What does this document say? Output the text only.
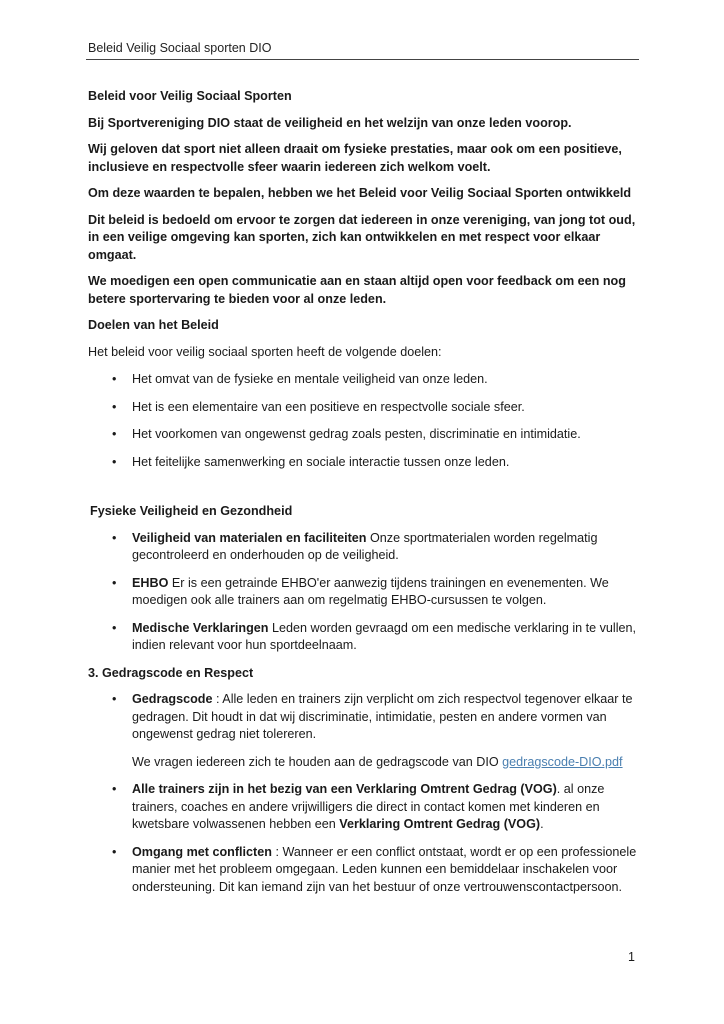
Beleid Veilig Sociaal sporten DIO

Beleid voor Veilig Sociaal Sporten

Bij Sportvereniging DIO staat de veiligheid en het welzijn van onze leden voorop.

Wij geloven dat sport niet alleen draait om fysieke prestaties, maar ook om een positieve, inclusieve en respectvolle sfeer waarin iedereen zich welkom voelt.

Om deze waarden te bepalen, hebben we het Beleid voor Veilig Sociaal Sporten ontwikkeld

Dit beleid is bedoeld om ervoor te zorgen dat iedereen in onze vereniging, van jong tot oud, in een veilige omgeving kan sporten, zich kan ontwikkelen en met respect voor elkaar omgaat.

We moedigen een open communicatie aan en staan altijd open voor feedback om een nog betere sportervaring te bieden voor al onze leden.

Doelen van het Beleid

Het beleid voor veilig sociaal sporten heeft de volgende doelen:

• Het omvat van de fysieke en mentale veiligheid van onze leden.
• Het is een elementaire van een positieve en respectvolle sociale sfeer.
• Het voorkomen van ongewenst gedrag zoals pesten, discriminatie en intimidatie.
• Het feitelijke samenwerking en sociale interactie tussen onze leden.

Fysieke Veiligheid en Gezondheid

• Veiligheid van materialen en faciliteiten Onze sportmaterialen worden regelmatig gecontroleerd en onderhouden op de veiligheid.
• EHBO Er is een getrainde EHBO'er aanwezig tijdens trainingen en evenementen. We moedigen ook alle trainers aan om regelmatig EHBO-cursussen te volgen.
• Medische Verklaringen Leden worden gevraagd om een medische verklaring in te vullen, indien relevant voor hun sportdeelnaam.

3. Gedragscode en Respect

• Gedragscode : Alle leden en trainers zijn verplicht om zich respectvol tegenover elkaar te gedragen. Dit houdt in dat wij discriminatie, intimidatie, pesten en andere vormen van ongewenst gedrag niet tolereren.
We vragen iedereen zich te houden aan de gedragscode van DIO gedragscode-DIO.pdf
• Alle trainers zijn in het bezig van een Verklaring Omtrent Gedrag (VOG). al onze trainers, coaches en andere vrijwilligers die direct in contact komen met kinderen en kwetsbare volwassenen hebben een Verklaring Omtrent Gedrag (VOG).
• Omgang met conflicten : Wanneer er een conflict ontstaat, wordt er op een professionele manier met het probleem omgegaan. Leden kunnen een bemiddelaar inschakelen voor ondersteuning. Dit kan iemand zijn van het bestuur of onze vertrouwenscontactpersoon.
1
